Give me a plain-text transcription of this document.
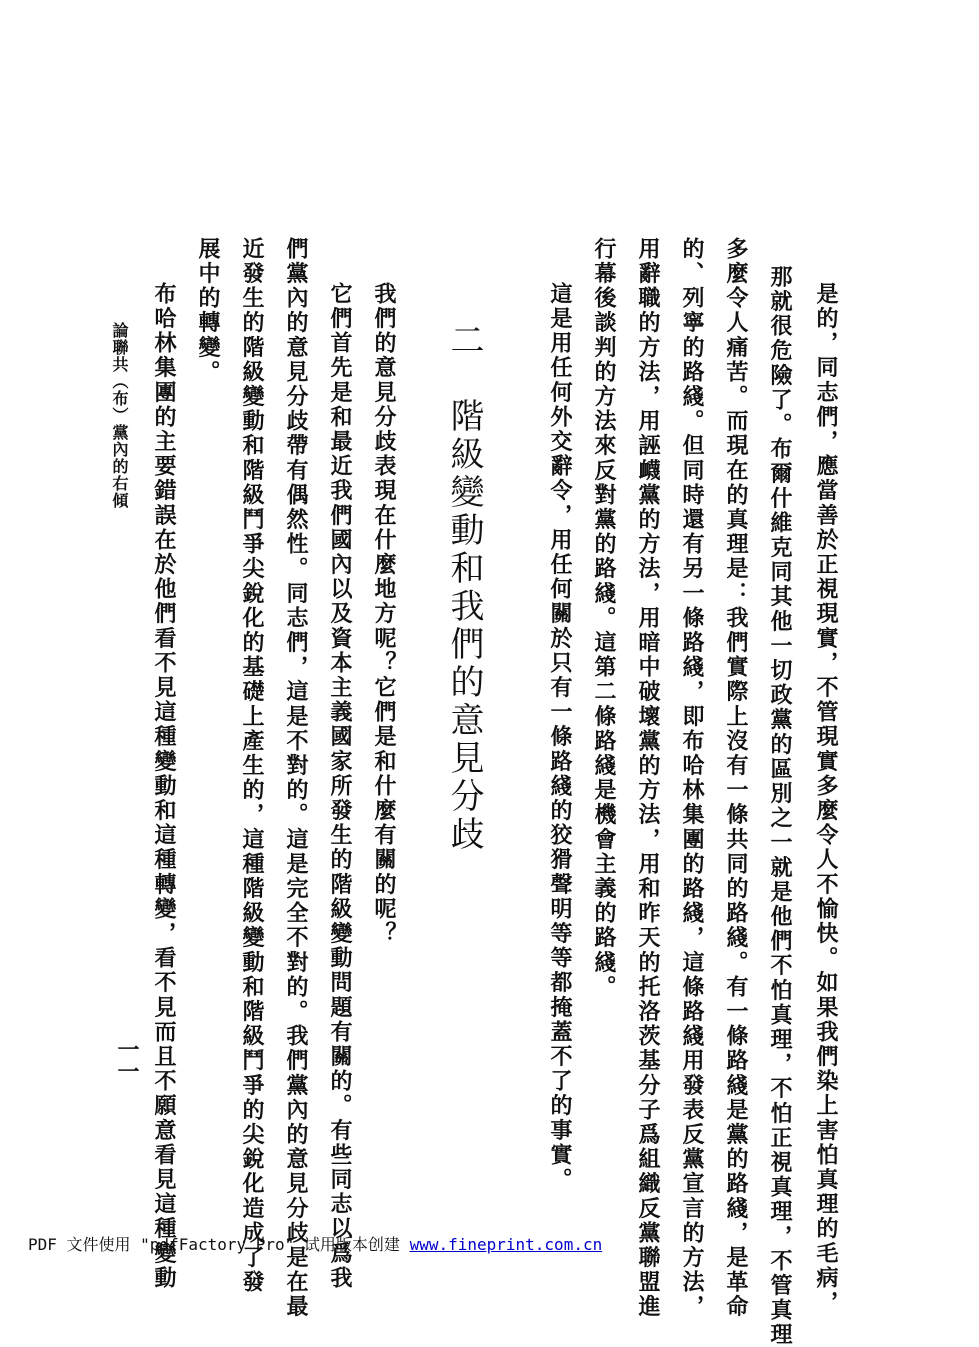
是的，同志們，應當善於正視現實，不管現實多麼令人不愉快。如果我們染上害怕真理的毛病，
那就很危險了。布爾什維克同其他一切政黨的區別之一就是他們不怕真理，不怕正視真理，不管真理
多麼令人痛苦。而現在的真理是：我們實際上沒有一條共同的路綫。有一條路綫是黨的路綫，是革命
的、列寧的路綫。但同時還有另一條路綫，即布哈林集團的路綫，這條路綫用發表反黨宣言的方法，
用辭職的方法，用誣衊黨的方法，用暗中破壞黨的方法，用和昨天的托洛茨基分子爲組織反黨聯盟進
行幕後談判的方法來反對黨的路綫。這第二條路綫是機會主義的路綫。
這是用任何外交辭令，用任何關於只有一條路綫的狡猾聲明等等都掩蓋不了的事實。
二　階級變動和我們的意見分歧
我們的意見分歧表現在什麼地方呢？它們是和什麼有關的呢？
它們首先是和最近我們國內以及資本主義國家所發生的階級變動問題有關的。有些同志以爲我
們黨內的意見分歧帶有偶然性。同志們，這是不對的。這是完全不對的。我們黨內的意見分歧是在最
近發生的階級變動和階級鬥爭尖銳化的基礎上產生的，這種階級變動和階級鬥爭的尖銳化造成了發
展中的轉變。
布哈林集團的主要錯誤在於他們看不見這種變動和這種轉變，看不見而且不願意看見這種變動
論聯共（布）黨內的右傾
一一
PDF 文件使用 "pdfFactory Pro" 试用版本创建 www.fineprint.com.cn
